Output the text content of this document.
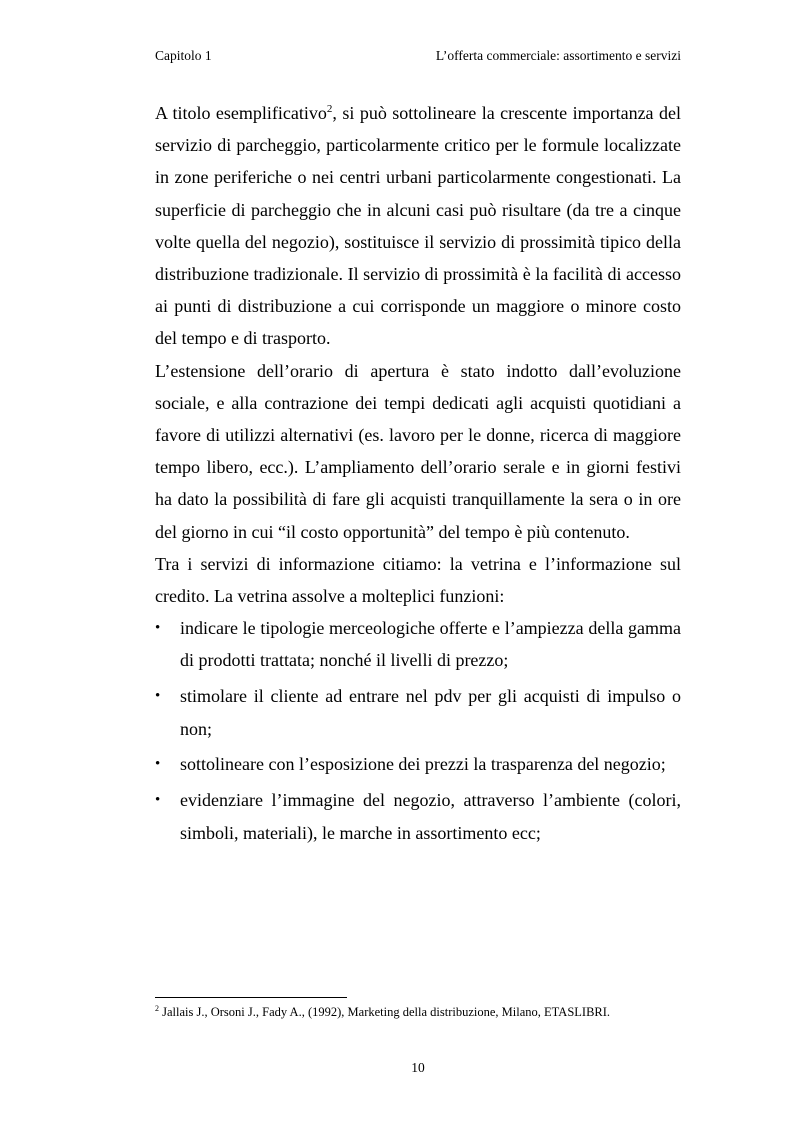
Capitolo 1	L’offerta commerciale: assortimento e servizi

A titolo esemplificativo$^2$, si può sottolineare la crescente importanza del servizio di parcheggio, particolarmente critico per le formule localizzate in zone periferiche o nei centri urbani particolarmente congestionati. La superficie di parcheggio che in alcuni casi può risultare (da tre a cinque volte quella del negozio), sostituisce il servizio di prossimità tipico della distribuzione tradizionale. Il servizio di prossimità è la facilità di accesso ai punti di distribuzione a cui corrisponde un maggiore o minore costo del tempo e di trasporto.

L’estensione dell’orario di apertura è stato indotto dall’evoluzione sociale, e alla contrazione dei tempi dedicati agli acquisti quotidiani a favore di utilizzi alternativi (es. lavoro per le donne, ricerca di maggiore tempo libero, ecc.). L’ampliamento dell’orario serale e in giorni festivi ha dato la possibilità di fare gli acquisti tranquillamente la sera o in ore del giorno in cui “il costo opportunità” del tempo è più contenuto.

Tra i servizi di informazione citiamo: la vetrina e l’informazione sul credito. La vetrina assolve a molteplici funzioni:

• indicare le tipologie merceologiche offerte e l’ampiezza della gamma di prodotti trattata; nonché il livelli di prezzo;
• stimolare il cliente ad entrare nel pdv per gli acquisti di impulso o non;
• sottolineare con l’esposizione dei prezzi la trasparenza del negozio;
• evidenziare l’immagine del negozio, attraverso l’ambiente (colori, simboli, materiali), le marche in assortimento ecc;
$^2$ Jallais J., Orsoni J., Fady A., (1992), Marketing della distribuzione, Milano, ETASLIBRI.
10
